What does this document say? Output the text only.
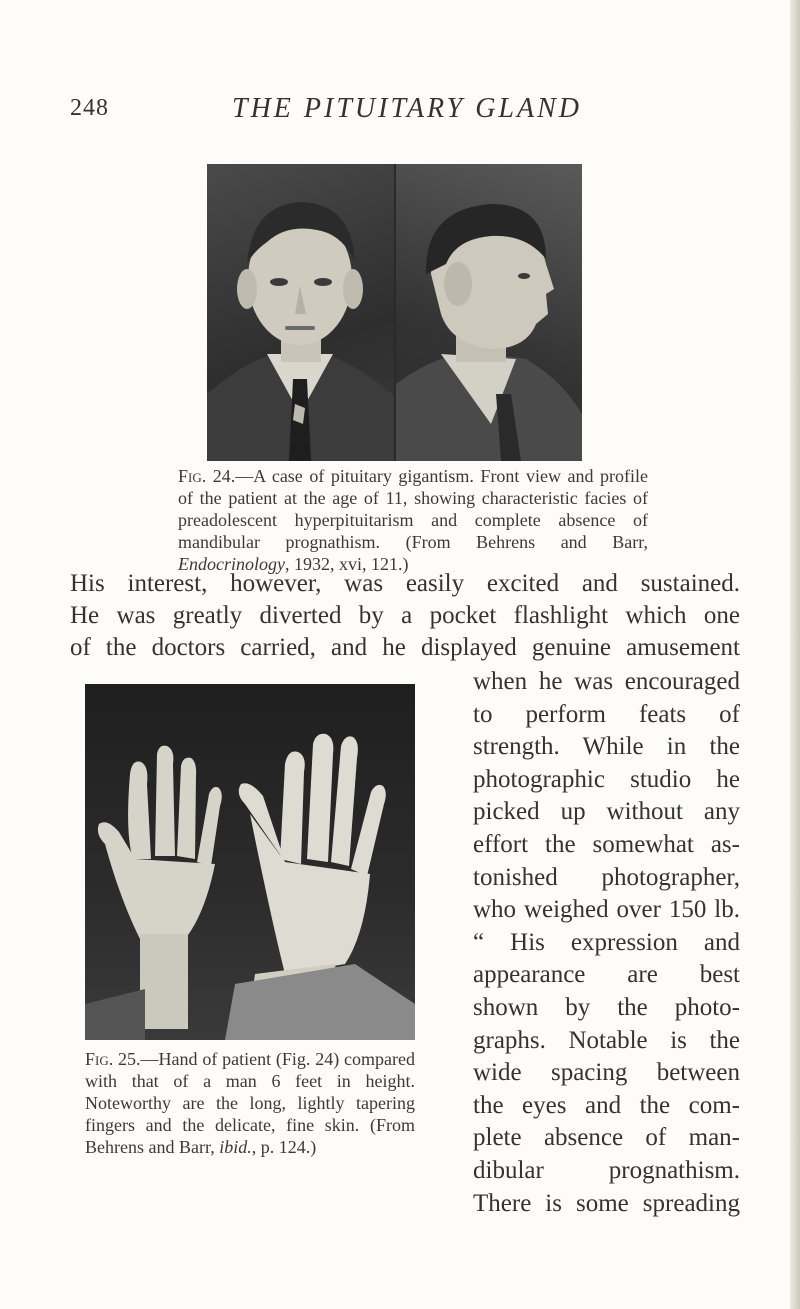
248	THE PITUITARY GLAND
Fig. 24.—A case of pituitary gigantism. Front view and profile of the patient at the age of 11, showing characteristic facies of preadolescent hyperpituitarism and complete absence of mandibular prognathism. (From Behrens and Barr, Endocrinology, 1932, xvi, 121.)
His interest, however, was easily excited and sustained.
He was greatly diverted by a pocket flashlight which one
of the doctors carried, and he displayed genuine amusement
Fig. 25.—Hand of patient (Fig. 24) compared with that of a man 6 feet in height. Noteworthy are the long, lightly tapering fingers and the delicate, fine skin. (From Behrens and Barr, ibid., p. 124.)
when he was encouraged
to perform feats of
strength. While in the
photographic studio he
picked up without any
effort the somewhat as-
tonished photographer,
who weighed over 150 lb.
“ His expression and
appearance are best
shown by the photo-
graphs. Notable is the
wide spacing between
the eyes and the com-
plete absence of man-
dibular prognathism.
There is some spreading
